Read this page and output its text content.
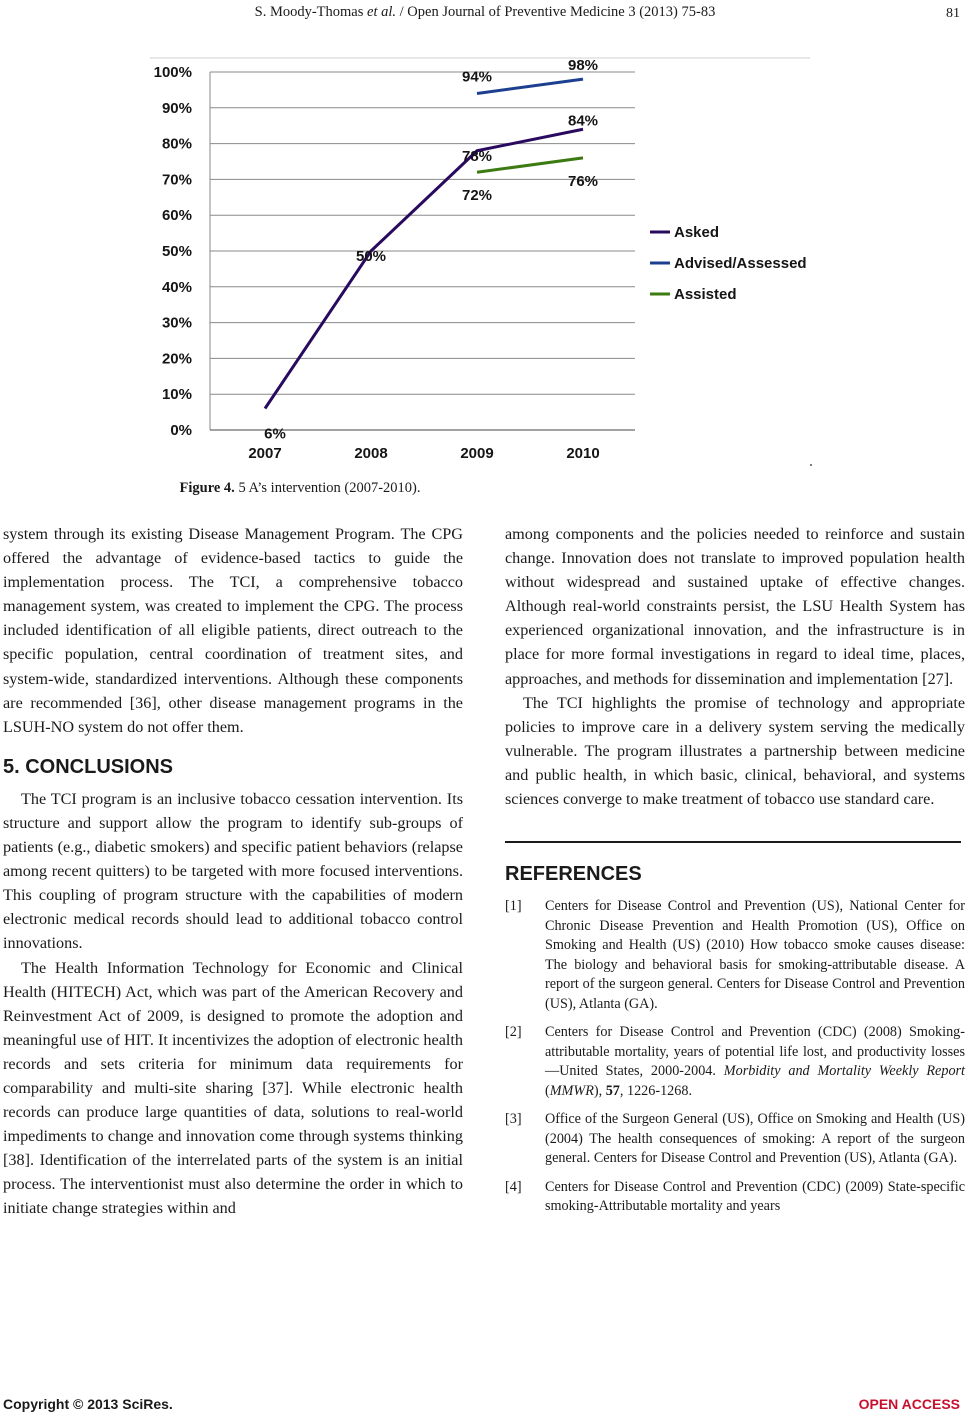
S. Moody-Thomas et al. / Open Journal of Preventive Medicine 3 (2013) 75-83	81
0%
10%
20%
30%
40%
50%
60%
70%
80%
90%
100%
2007	2008	2009	2010
6%
50%
78%
84%
94%
98%
72%
76%
Asked
Advised/Assessed
Assisted
Figure 4. 5 A’s intervention (2007-2010).

system through its existing Disease Management Program. The CPG offered the advantage of evidence-based tactics to guide the implementation process. The TCI, a comprehensive tobacco management system, was created to implement the CPG. The process included identification of all eligible patients, direct outreach to the specific population, central coordination of treatment sites, and system-wide, standardized interventions. Although these components are recommended [36], other disease management programs in the LSUH-NO system do not offer them.

5. CONCLUSIONS

The TCI program is an inclusive tobacco cessation intervention. Its structure and support allow the program to identify sub-groups of patients (e.g., diabetic smokers) and specific patient behaviors (relapse among recent quitters) to be targeted with more focused interventions. This coupling of program structure with the capabilities of modern electronic medical records should lead to additional tobacco control innovations.

The Health Information Technology for Economic and Clinical Health (HITECH) Act, which was part of the American Recovery and Reinvestment Act of 2009, is designed to promote the adoption and meaningful use of HIT. It incentivizes the adoption of electronic health records and sets criteria for minimum data requirements for comparability and multi-site sharing [37]. While electronic health records can produce large quantities of data, solutions to real-world impediments to change and innovation come through systems thinking [38]. Identification of the interrelated parts of the system is an initial process. The interventionist must also determine the order in which to initiate change strategies within and

among components and the policies needed to reinforce and sustain change. Innovation does not translate to improved population health without widespread and sustained uptake of effective changes. Although real-world constraints persist, the LSU Health System has experienced organizational innovation, and the infrastructure is in place for more formal investigations in regard to ideal time, places, approaches, and methods for dissemination and implementation [27].

The TCI highlights the promise of technology and appropriate policies to improve care in a delivery system serving the medically vulnerable. The program illustrates a partnership between medicine and public health, in which basic, clinical, behavioral, and systems sciences converge to make treatment of tobacco use standard care.

REFERENCES
[1]	Centers for Disease Control and Prevention (US), National Center for Chronic Disease Prevention and Health Promotion (US), Office on Smoking and Health (US) (2010) How tobacco smoke causes disease: The biology and behavioral basis for smoking-attributable disease. A report of the surgeon general. Centers for Disease Control and Prevention (US), Atlanta (GA).
[2]	Centers for Disease Control and Prevention (CDC) (2008) Smoking-attributable mortality, years of potential life lost, and productivity losses—United States, 2000-2004. Morbidity and Mortality Weekly Report (MMWR), 57, 1226-1268.
[3]	Office of the Surgeon General (US), Office on Smoking and Health (US) (2004) The health consequences of smoking: A report of the surgeon general. Centers for Disease Control and Prevention (US), Atlanta (GA).
[4]	Centers for Disease Control and Prevention (CDC) (2009) State-specific smoking-Attributable mortality and years
Copyright © 2013 SciRes.	OPEN ACCESS
